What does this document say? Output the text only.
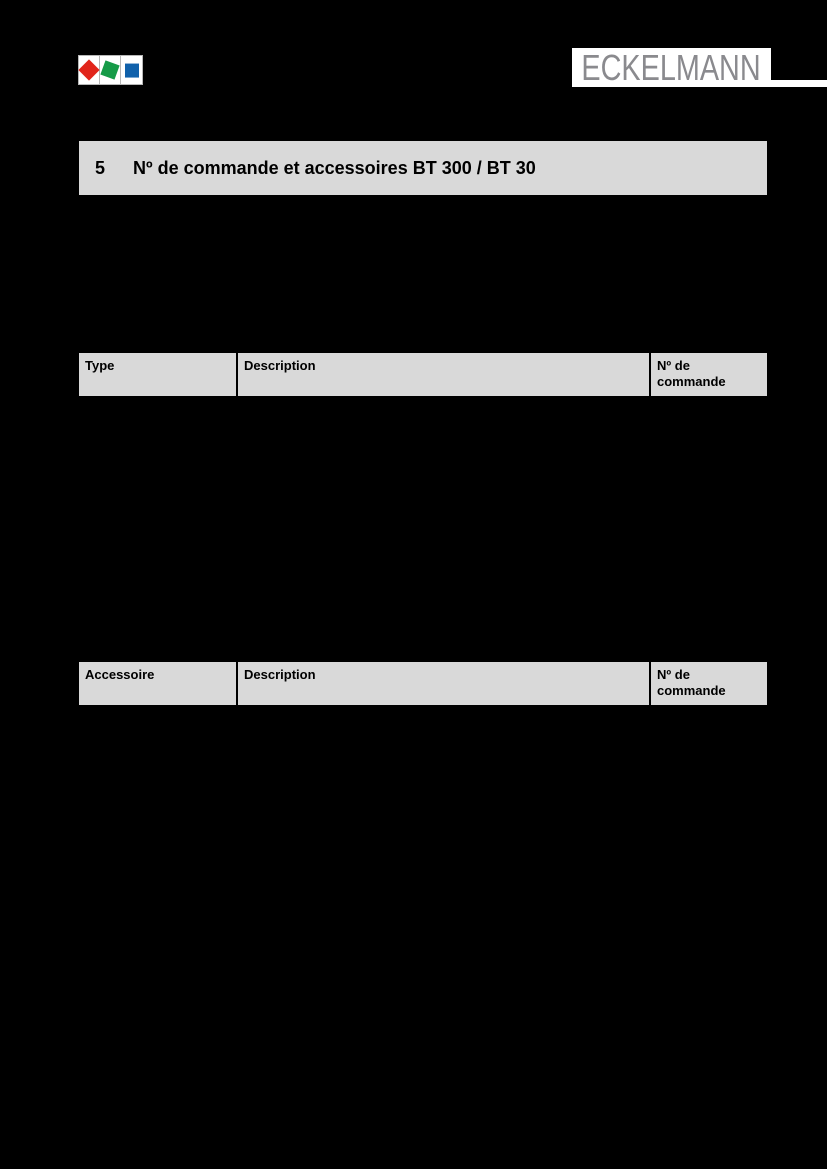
ECKELMANN
5	Nº de commande et accessoires BT 300 / BT 30
Type	Description	Nº de commande
Accessoire	Description	Nº de commande
